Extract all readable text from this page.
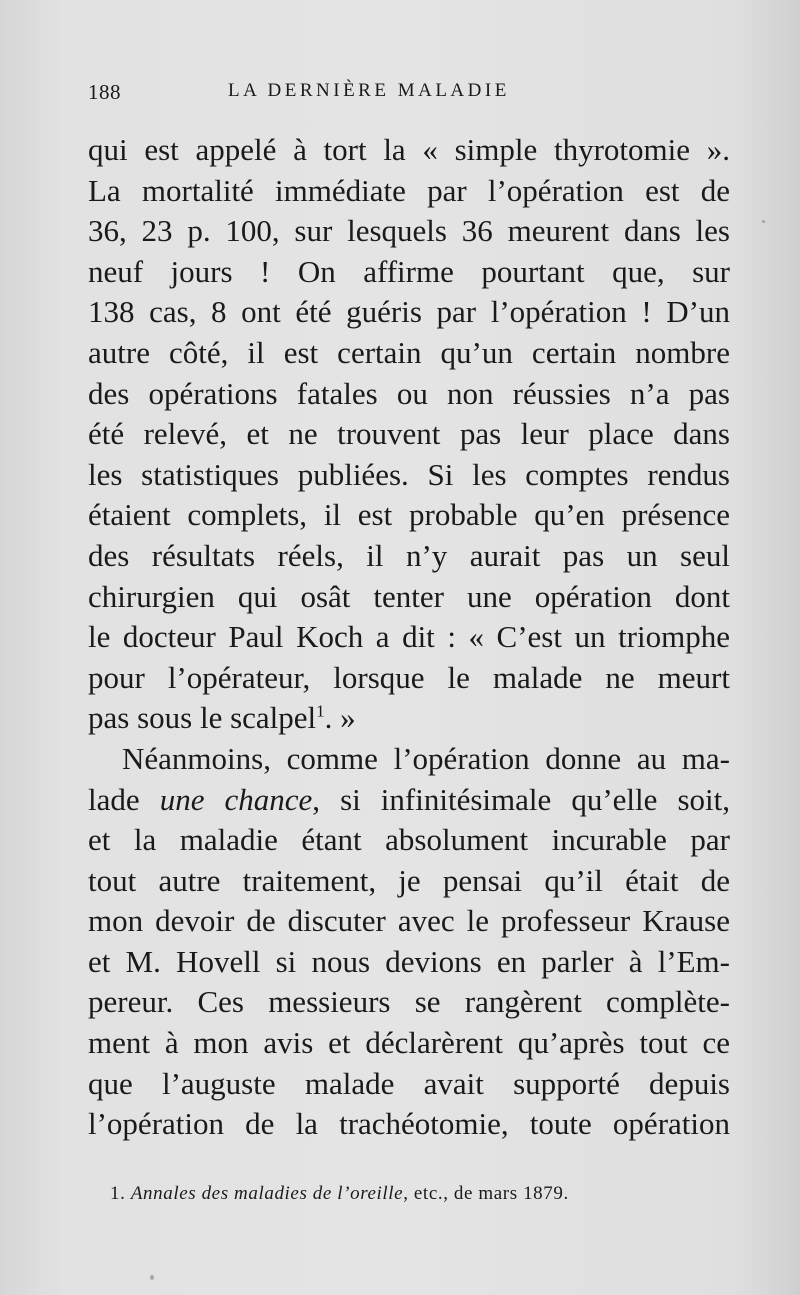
188	LA DERNIÈRE MALADIE
qui est appelé à tort la « simple thyrotomie ».
La mortalité immédiate par l’opération est de
36, 23 p. 100, sur lesquels 36 meurent dans les
neuf jours ! On affirme pourtant que, sur
138 cas, 8 ont été guéris par l’opération ! D’un
autre côté, il est certain qu’un certain nombre
des opérations fatales ou non réussies n’a pas
été relevé, et ne trouvent pas leur place dans
les statistiques publiées. Si les comptes rendus
étaient complets, il est probable qu’en présence
des résultats réels, il n’y aurait pas un seul
chirurgien qui osât tenter une opération dont
le docteur Paul Koch a dit : « C’est un triomphe
pour l’opérateur, lorsque le malade ne meurt
pas sous le scalpel$^1$. »
Néanmoins, comme l’opération donne au ma-
lade une chance, si infinitésimale qu’elle soit,
et la maladie étant absolument incurable par
tout autre traitement, je pensai qu’il était de
mon devoir de discuter avec le professeur Krause
et M. Hovell si nous devions en parler à l’Em-
pereur. Ces messieurs se rangèrent complète-
ment à mon avis et déclarèrent qu’après tout ce
que l’auguste malade avait supporté depuis
l’opération de la trachéotomie, toute opération
1. Annales des maladies de l’oreille, etc., de mars 1879.
